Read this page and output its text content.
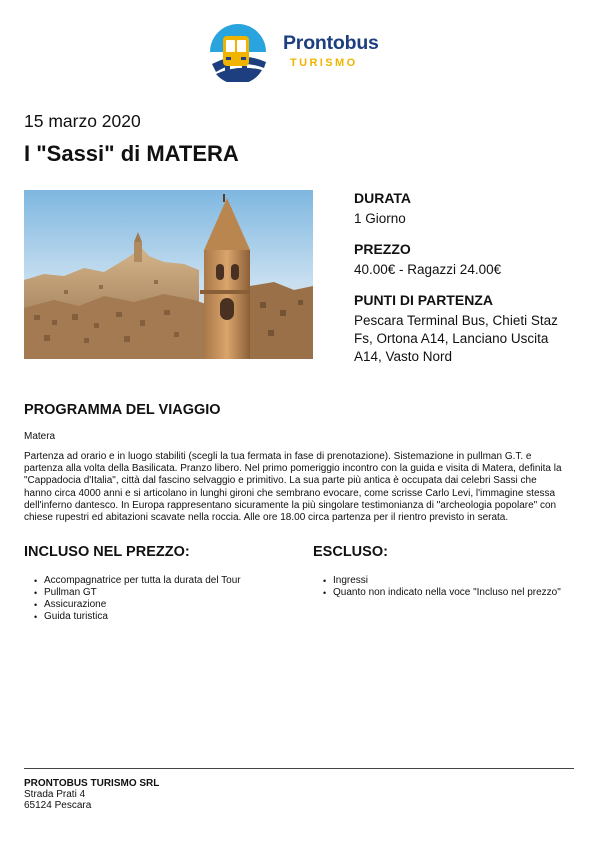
Prontobus
TURISMO
15 marzo 2020
I "Sassi" di MATERA

DURATA

1 Giorno

PREZZO

40.00€ - Ragazzi 24.00€

PUNTI DI PARTENZA

Pescara Terminal Bus, Chieti Staz Fs, Ortona A14, Lanciano Uscita A14, Vasto Nord

PROGRAMMA DEL VIAGGIO
Matera
Partenza ad orario e in luogo stabiliti (scegli la tua fermata in fase di prenotazione). Sistemazione in pullman G.T. e partenza alla volta della Basilicata. Pranzo libero. Nel primo pomeriggio incontro con la guida e visita di Matera, definita la "Cappadocia d'Italia", città dal fascino selvaggio e primitivo. La sua parte più antica è occupata dai celebri Sassi che hanno circa 4000 anni e si articolano in lunghi gironi che sembrano evocare, come scrisse Carlo Levi, l'immagine stessa dell'inferno dantesco. In Europa rappresentano sicuramente la più singolare testimonianza di "archeologia popolare" con chiese rupestri ed abitazioni scavate nella roccia. Alle ore 18.00 circa partenza per il rientro previsto in serata.
INCLUSO NEL PREZZO:
• Accompagnatrice per tutta la durata del Tour
• Pullman GT
• Assicurazione
• Guida turistica
ESCLUSO:
• Ingressi
• Quanto non indicato nella voce "Incluso nel prezzo"
PRONTOBUS TURISMO SRL
Strada Prati 4
65124 Pescara
